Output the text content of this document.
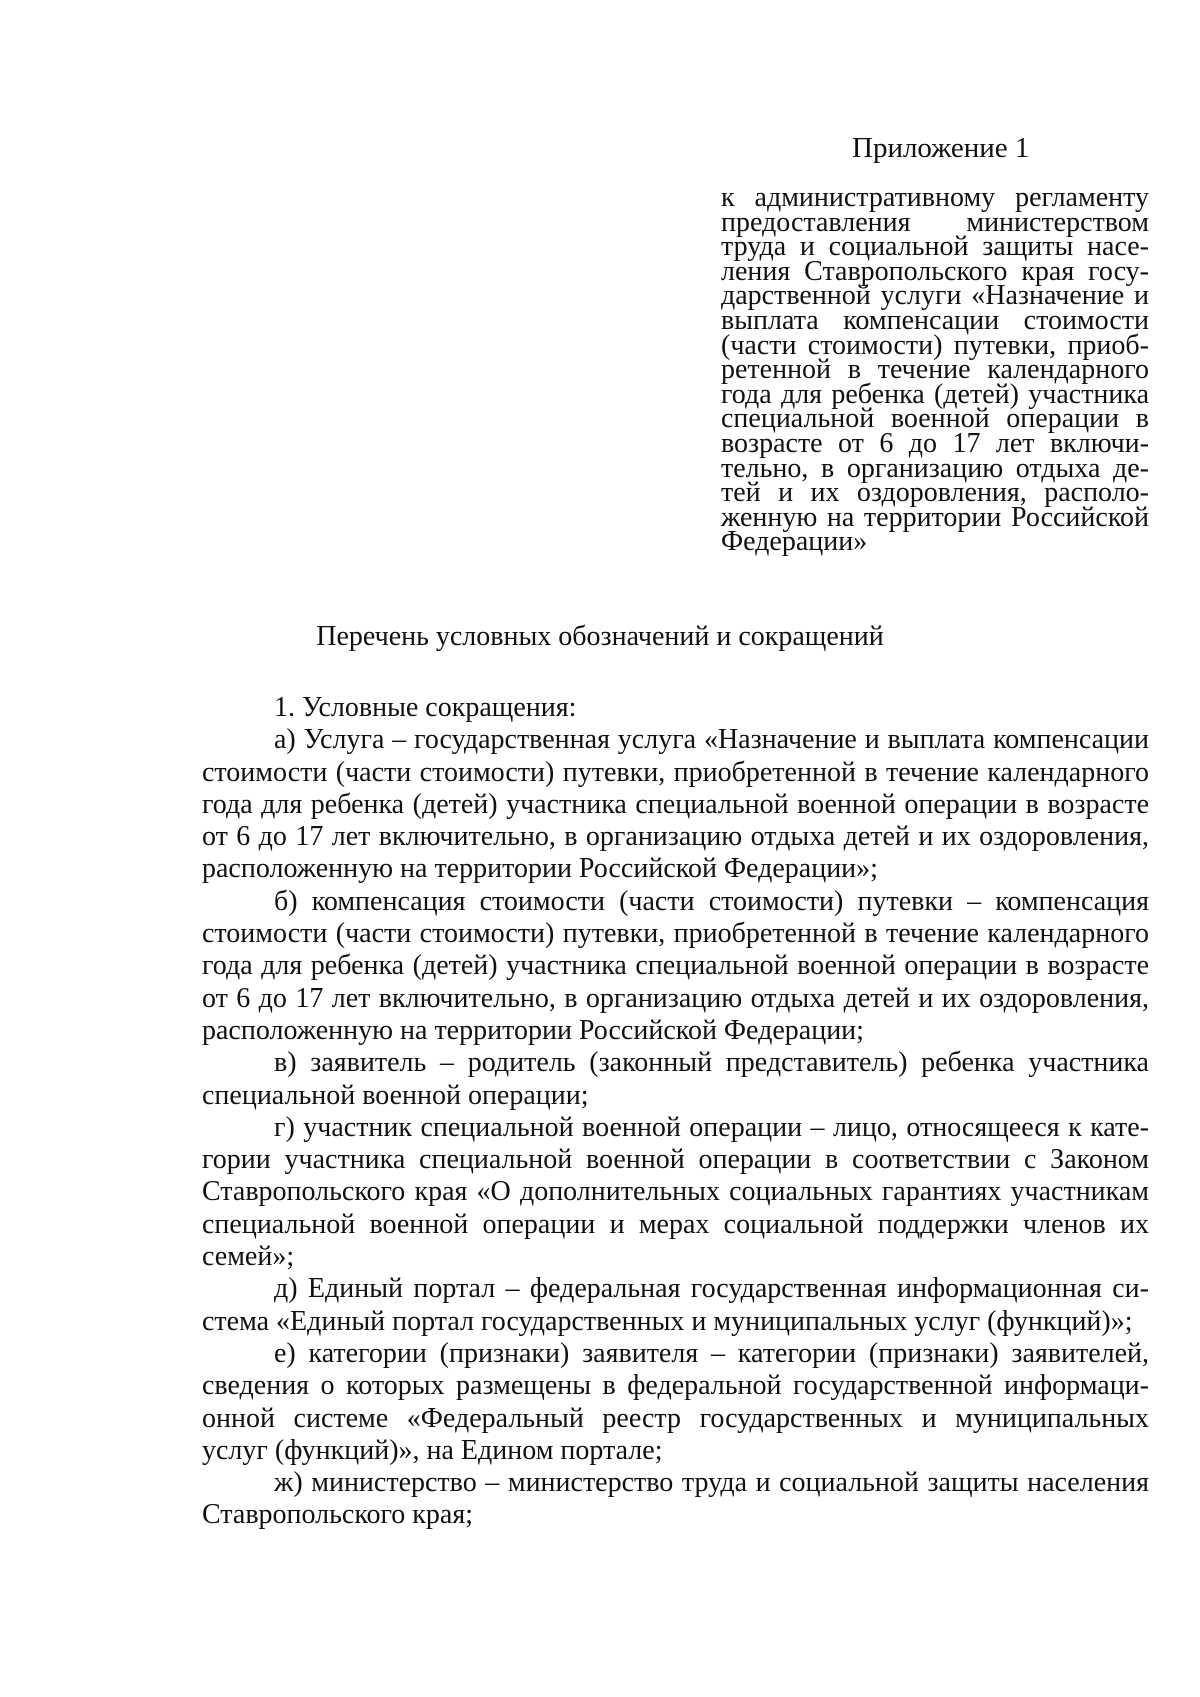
Приложение 1
к административному регламенту предоставления министерством труда и социальной защиты населения Ставропольского края государственной услуги «Назначение и выплата компенсации стоимости (части стоимости) путевки, приобретенной в течение календарного года для ребенка (детей) участника специальной военной операции в возрасте от 6 до 17 лет включительно, в организацию отдыха детей и их оздоровления, расположенную на территории Российской Федерации»
Перечень условных обозначений и сокращений

1. Условные сокращения:

а) Услуга – государственная услуга «Назначение и выплата компенсации стоимости (части стоимости) путевки, приобретенной в течение календарного года для ребенка (детей) участника специальной военной операции в возрасте от 6 до 17 лет включительно, в организацию отдыха детей и их оздоровления, расположенную на территории Российской Федерации»;

б) компенсация стоимости (части стоимости) путевки – компенсация стоимости (части стоимости) путевки, приобретенной в течение календарного года для ребенка (детей) участника специальной военной операции в возрасте от 6 до 17 лет включительно, в организацию отдыха детей и их оздоровления, расположенную на территории Российской Федерации;

в) заявитель – родитель (законный представитель) ребенка участника специальной военной операции;

г) участник специальной военной операции – лицо, относящееся к категории участника специальной военной операции в соответствии с Законом Ставропольского края «О дополнительных социальных гарантиях участникам специальной военной операции и мерах социальной поддержки членов их семей»;

д) Единый портал – федеральная государственная информационная система «Единый портал государственных и муниципальных услуг (функций)»;

е) категории (признаки) заявителя – категории (признаки) заявителей, сведения о которых размещены в федеральной государственной информационной системе «Федеральный реестр государственных и муниципальных услуг (функций)», на Едином портале;

ж) министерство – министерство труда и социальной защиты населения Ставропольского края;
